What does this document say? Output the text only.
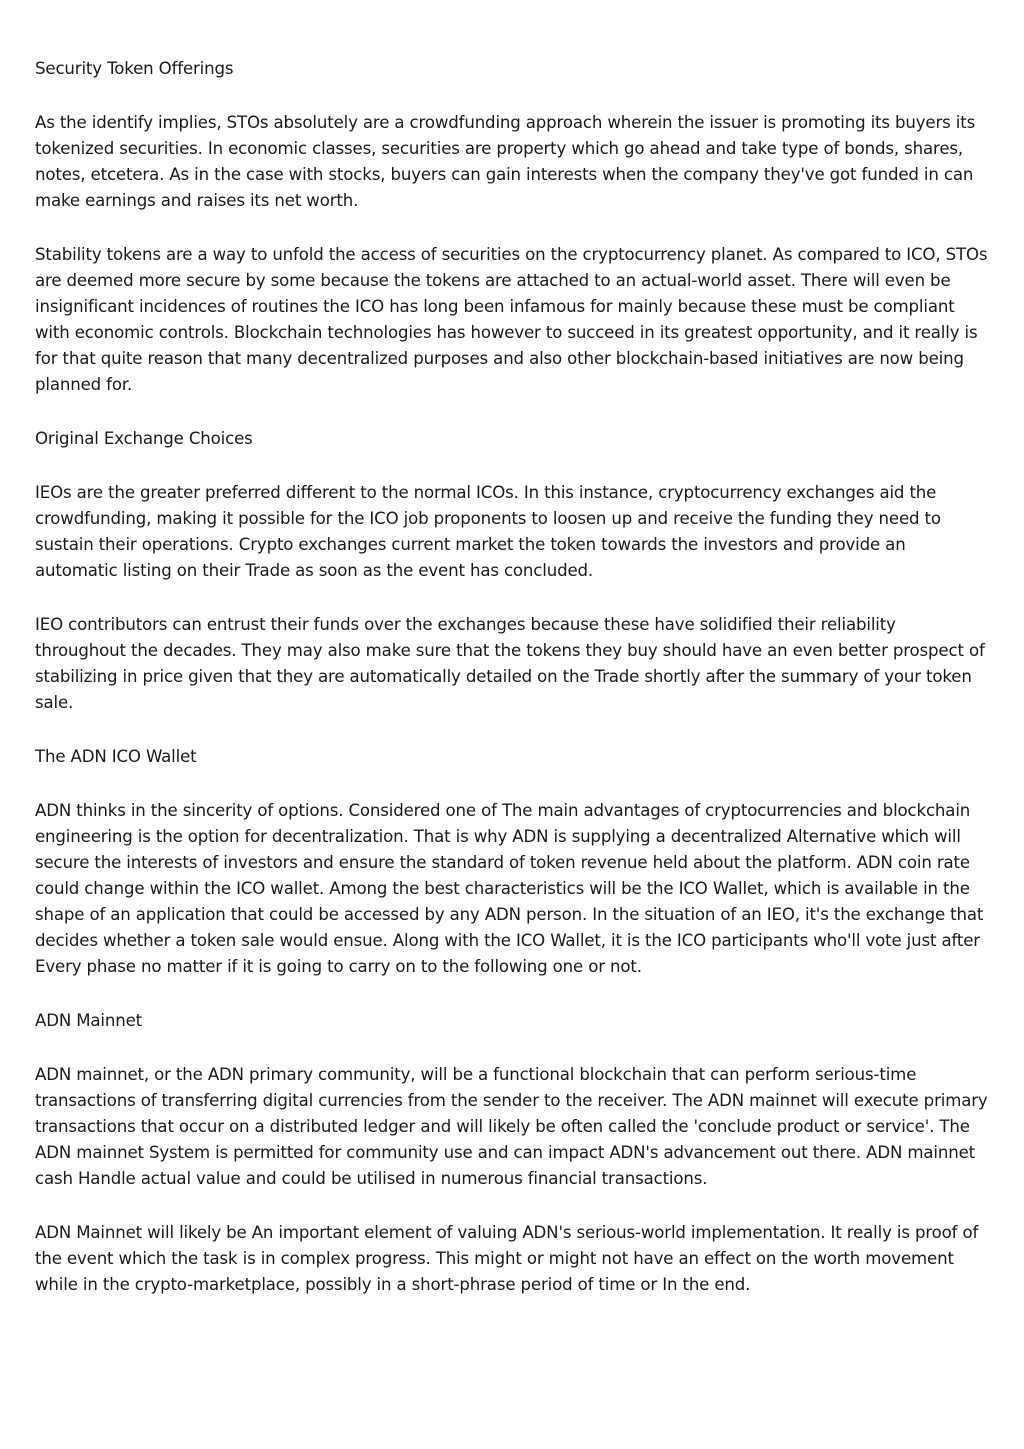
Security Token Offerings
As the identify implies, STOs absolutely are a crowdfunding approach wherein the issuer is promoting its buyers its tokenized securities. In economic classes, securities are property which go ahead and take type of bonds, shares, notes, etcetera. As in the case with stocks, buyers can gain interests when the company they've got funded in can make earnings and raises its net worth.
Stability tokens are a way to unfold the access of securities on the cryptocurrency planet. As compared to ICO, STOs are deemed more secure by some because the tokens are attached to an actual-world asset. There will even be insignificant incidences of routines the ICO has long been infamous for mainly because these must be compliant with economic controls. Blockchain technologies has however to succeed in its greatest opportunity, and it really is for that quite reason that many decentralized purposes and also other blockchain-based initiatives are now being planned for.
Original Exchange Choices
IEOs are the greater preferred different to the normal ICOs. In this instance, cryptocurrency exchanges aid the crowdfunding, making it possible for the ICO job proponents to loosen up and receive the funding they need to sustain their operations. Crypto exchanges current market the token towards the investors and provide an automatic listing on their Trade as soon as the event has concluded.
IEO contributors can entrust their funds over the exchanges because these have solidified their reliability throughout the decades. They may also make sure that the tokens they buy should have an even better prospect of stabilizing in price given that they are automatically detailed on the Trade shortly after the summary of your token sale.
The ADN ICO Wallet
ADN thinks in the sincerity of options. Considered one of The main advantages of cryptocurrencies and blockchain engineering is the option for decentralization. That is why ADN is supplying a decentralized Alternative which will secure the interests of investors and ensure the standard of token revenue held about the platform. ADN coin rate could change within the ICO wallet. Among the best characteristics will be the ICO Wallet, which is available in the shape of an application that could be accessed by any ADN person. In the situation of an IEO, it's the exchange that decides whether a token sale would ensue. Along with the ICO Wallet, it is the ICO participants who'll vote just after Every phase no matter if it is going to carry on to the following one or not.
ADN Mainnet
ADN mainnet, or the ADN primary community, will be a functional blockchain that can perform serious-time transactions of transferring digital currencies from the sender to the receiver. The ADN mainnet will execute primary transactions that occur on a distributed ledger and will likely be often called the 'conclude product or service'. The ADN mainnet System is permitted for community use and can impact ADN's advancement out there. ADN mainnet cash Handle actual value and could be utilised in numerous financial transactions.
ADN Mainnet will likely be An important element of valuing ADN's serious-world implementation. It really is proof of the event which the task is in complex progress. This might or might not have an effect on the worth movement while in the crypto-marketplace, possibly in a short-phrase period of time or In the end.
